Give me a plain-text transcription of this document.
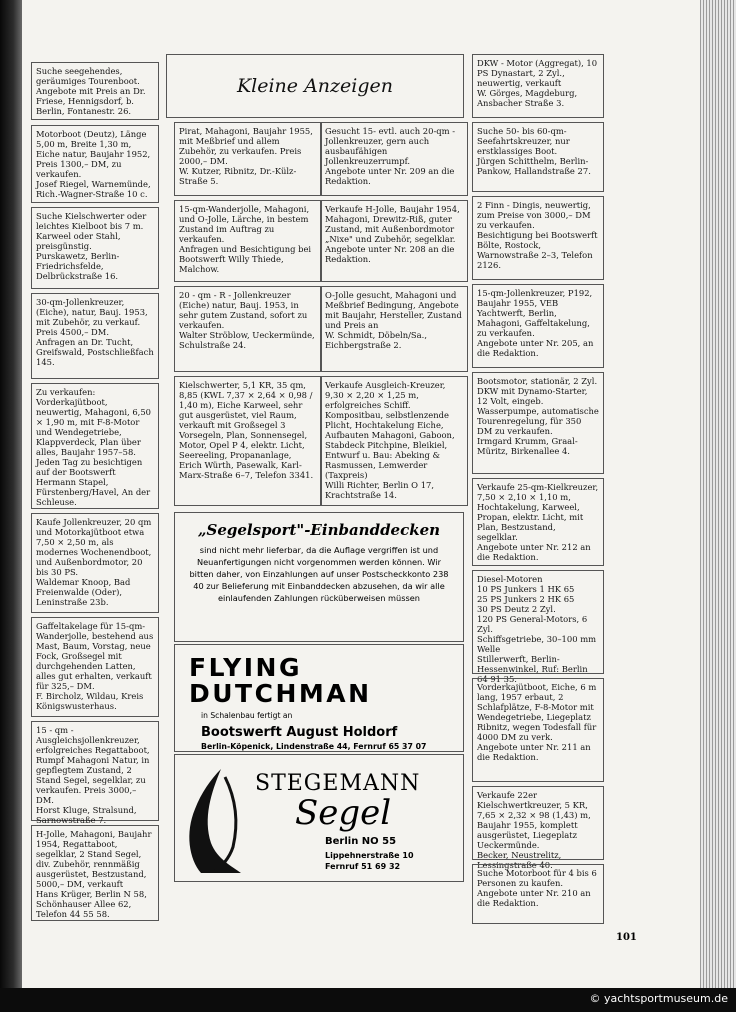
Suche seegehendes, geräumiges Tourenboot.
Angebote mit Preis an Dr. Friese, Hennigsdorf, b. Berlin, Fontanestr. 26.
Motorboot (Deutz), Länge 5,00 m, Breite 1,30 m, Eiche natur, Baujahr 1952, Preis 1300,– DM, zu verkaufen.
Josef Riegel, Warnemünde, Rich.-Wagner-Straße 10 c.
Suche Kielschwerter oder leichtes Kielboot bis 7 m. Karweel oder Stahl, preisgünstig.
Purskawetz, Berlin-Friedrichsfelde, Delbrückstraße 16.
30-qm-Jollenkreuzer, (Eiche), natur, Bauj. 1953, mit Zubehör, zu verkauf. Preis 4500,– DM.
Anfragen an Dr. Tucht, Greifswald, Postschließfach 145.
Zu verkaufen: Vorderkajütboot, neuwertig, Mahagoni, 6,50 × 1,90 m, mit F-8-Motor und Wendegetriebe, Klappverdeck, Plan über alles, Baujahr 1957–58.
Jeden Tag zu besichtigen auf der Bootswerft Hermann Stapel, Fürstenberg/Havel, An der Schleuse.
Kaufe Jollenkreuzer, 20 qm und Motorkajütboot etwa 7,50 × 2,50 m, als modernes Wochenendboot, und Außenbordmotor, 20 bis 30 PS.
Waldemar Knoop, Bad Freienwalde (Oder), Leninstraße 23b.
Gaffeltakelage für 15-qm-Wanderjolle, bestehend aus Mast, Baum, Vorstag, neue Fock, Großsegel mit durchgehenden Latten, alles gut erhalten, verkauft für 325,– DM.
F. Bircholz, Wildau, Kreis Königswusterhaus.
15 - qm - Ausgleichsjollenkreuzer, erfolgreiches Regattaboot, Rumpf Mahagoni Natur, in gepflegtem Zustand, 2 Stand Segel, segelklar, zu verkaufen. Preis 3000,– DM.
Horst Kluge, Stralsund, Sarnowstraße 7.
H-Jolle, Mahagoni, Baujahr 1954, Regattaboot, segelklar, 2 Stand Segel, div. Zubehör, rennmäßig ausgerüstet, Bestzustand, 5000,– DM, verkauft
Hans Krüger, Berlin N 58, Schönhauser Allee 62, Telefon 44 55 58.
Kleine Anzeigen
Pirat, Mahagoni, Baujahr 1955, mit Meßbrief und allem Zubehör, zu verkaufen. Preis 2000,– DM.
W. Kutzer, Ribnitz, Dr.-Külz-Straße 5.
15-qm-Wanderjolle, Mahagoni, und O-Jolle, Lärche, in bestem Zustand im Auftrag zu verkaufen.
Anfragen und Besichtigung bei Bootswerft Willy Thiede, Malchow.
20 - qm - R - Jollenkreuzer (Eiche) natur, Bauj. 1953, in sehr gutem Zustand, sofort zu verkaufen.
Walter Ströblow, Ueckermünde, Schulstraße 24.
Kielschwerter, 5,1 KR, 35 qm, 8,85 (KWL 7,37 × 2,64 × 0,98 / 1,40 m), Eiche Karweel, sehr gut ausgerüstet, viel Raum, verkauft mit Großsegel 3 Vorsegeln, Plan, Sonnensegel, Motor, Opel P 4, elektr. Licht, Seereeling, Propananlage,
Erich Würth, Pasewalk, Karl-Marx-Straße 6–7, Telefon 3341.
Gesucht 15- evtl. auch 20-qm - Jollenkreuzer, gern auch ausbaufähigen Jollenkreuzerrumpf.
Angebote unter Nr. 209 an die Redaktion.
Verkaufe H-Jolle, Baujahr 1954, Mahagoni, Drewitz-Riß, guter Zustand, mit Außenbordmotor „Nixe" und Zubehör, segelklar.
Angebote unter Nr. 208 an die Redaktion.
O-Jolle gesucht, Mahagoni und Meßbrief Bedingung, Angebote mit Baujahr, Hersteller, Zustand und Preis an
W. Schmidt, Döbeln/Sa., Eichbergstraße 2.
Verkaufe Ausgleich-Kreuzer, 9,30 × 2,20 × 1,25 m, erfolgreiches Schiff. Kompositbau, selbstlenzende Plicht, Hochtakelung Eiche, Aufbauten Mahagoni, Gaboon, Stabdeck Pitchpine, Bleikiel, Entwurf u. Bau: Abeking & Rasmussen, Lemwerder (Taxpreis)
Willi Richter, Berlin O 17, Krachtstraße 14.
DKW - Motor (Aggregat), 10 PS Dynastart, 2 Zyl., neuwertig, verkauft
W. Görges, Magdeburg, Ansbacher Straße 3.
Suche 50- bis 60-qm-Seefahrtskreuzer, nur erstklassiges Boot.
Jürgen Schitthelm, Berlin-Pankow, Hallandstraße 27.
2 Finn - Dingis, neuwertig, zum Preise von 3000,– DM zu verkaufen.
Besichtigung bei Bootswerft Bölte, Rostock, Warnowstraße 2–3, Telefon 2126.
15-qm-Jollenkreuzer, P192, Baujahr 1955, VEB Yachtwerft, Berlin, Mahagoni, Gaffeltakelung, zu verkaufen.
Angebote unter Nr. 205, an die Redaktion.
Bootsmotor, stationär, 2 Zyl. DKW mit Dynamo-Starter, 12 Volt, eingeb. Wasserpumpe, automatische Tourenregelung, für 350 DM zu verkaufen.
Irmgard Krumm, Graal-Müritz, Birkenallee 4.
Verkaufe 25-qm-Kielkreuzer, 7,50 × 2,10 × 1,10 m, Hochtakelung, Karweel, Propan, elektr. Licht, mit Plan, Bestzustand, segelklar.
Angebote unter Nr. 212 an die Redaktion.
Diesel-Motoren
10 PS Junkers 1 HK 65
25 PS Junkers 2 HK 65
30 PS Deutz 2 Zyl.
120 PS General-Motors, 6 Zyl.
Schiffsgetriebe, 30–100 mm Welle
Stillerwerft, Berlin-Hessenwinkel, Ruf: Berlin 64 91 35.
Vorderkajütboot, Eiche, 6 m lang, 1957 erbaut, 2 Schlafplätze, F-8-Motor mit Wendegetriebe, Liegeplatz Ribnitz, wegen Todesfall für 4000 DM zu verk.
Angebote unter Nr. 211 an die Redaktion.
Verkaufe 22er Kielschwertkreuzer, 5 KR, 7,65 × 2,32 × 98 (1,43) m, Baujahr 1955, komplett ausgerüstet, Liegeplatz Ueckermünde.
Becker, Neustrelitz, Lessingstraße 40.
Suche Motorboot für 4 bis 6 Personen zu kaufen.
Angebote unter Nr. 210 an die Redaktion.
„Segelsport"-Einbanddecken
sind nicht mehr lieferbar, da die Auflage vergriffen ist und Neuanfertigungen nicht vorgenommen werden können. Wir bitten daher, von Einzahlungen auf unser Postscheckkonto 238 40 zur Belieferung mit Einbanddecken abzusehen, da wir alle einlaufenden Zahlungen rücküberweisen müssen
FLYING
DUTCHMAN
in Schalenbau fertigt an
Bootswerft August Holdorf
Berlin-Köpenick, Lindenstraße 44, Fernruf 65 37 07
STEGEMANN
Segel
Berlin NO 55
Lippehnerstraße 10
Fernruf 51 69 32
101
© yachtsportmuseum.de
